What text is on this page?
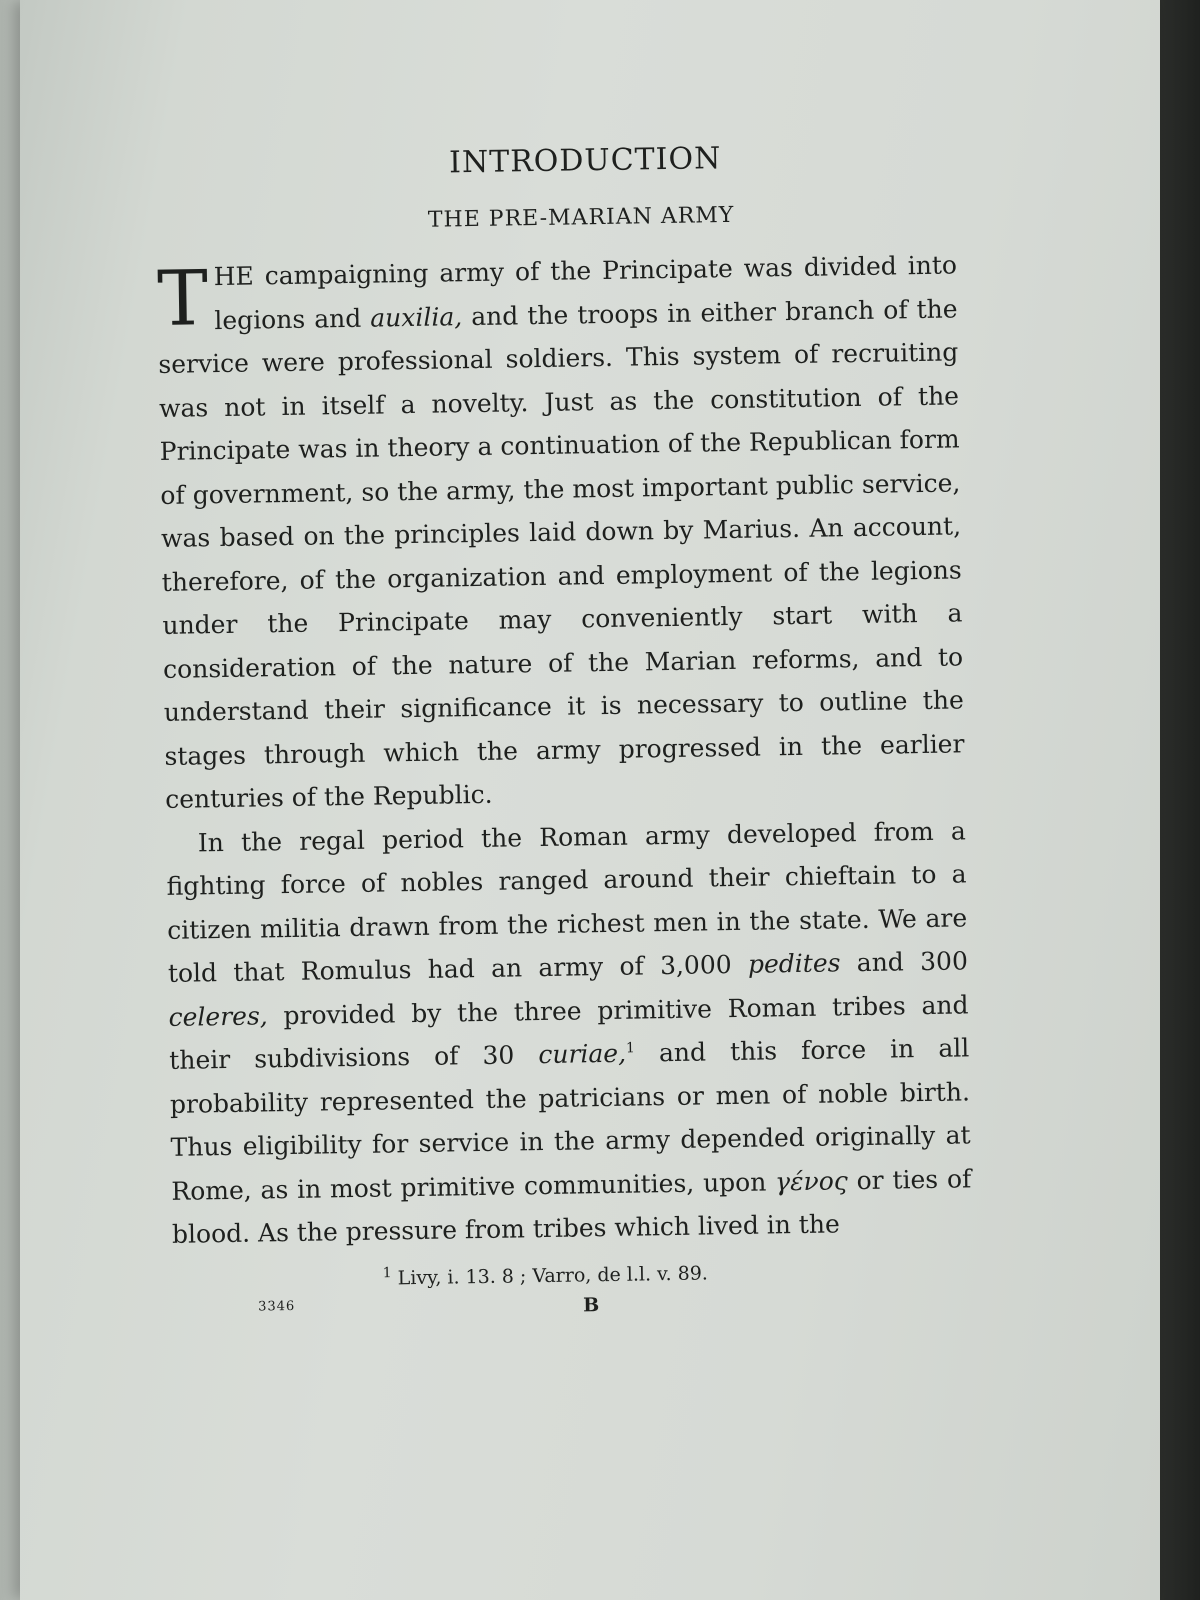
INTRODUCTION
THE PRE-MARIAN ARMY

T HE campaigning army of the Principate was divided into legions and auxilia, and the troops in either branch of the service were professional soldiers. This system of recruiting was not in itself a novelty. Just as the constitution of the Principate was in theory a continuation of the Republican form of government, so the army, the most important public service, was based on the principles laid down by Marius. An account, therefore, of the organization and employment of the legions under the Principate may conveniently start with a consideration of the nature of the Marian reforms, and to understand their significance it is necessary to outline the stages through which the army progressed in the earlier centuries of the Republic.

In the regal period the Roman army developed from a fighting force of nobles ranged around their chieftain to a citizen militia drawn from the richest men in the state. We are told that Romulus had an army of 3,000 pedites and 300 celeres, provided by the three primitive Roman tribes and their subdivisions of 30 curiae,$^1$ and this force in all probability represented the patricians or men of noble birth. Thus eligibility for service in the army depended originally at Rome, as in most primitive communities, upon γένος or ties of blood. As the pressure from tribes which lived in the

$^1$ Livy, i. 13. 8 ; Varro, de l.l. v. 89.

3346	B
